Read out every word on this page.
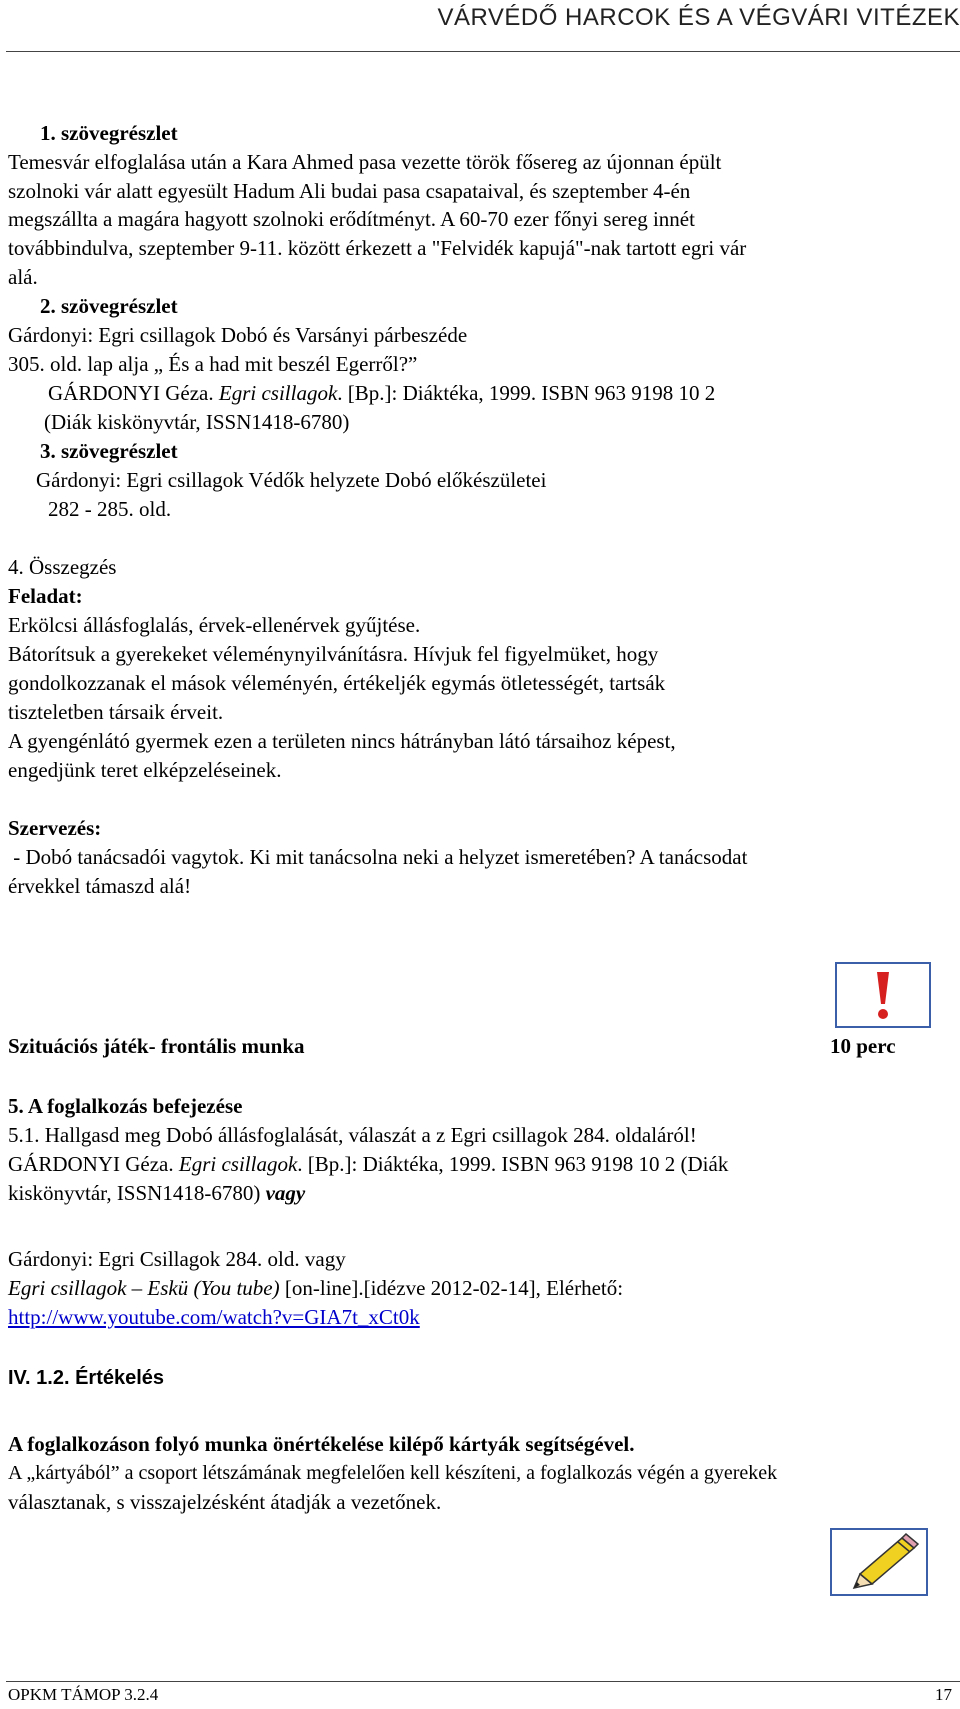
VÁRVÉDŐ HARCOK ÉS A VÉGVÁRI VITÉZEK
1. szövegrészlet
Temesvár elfoglalása után a Kara Ahmed pasa vezette török fősereg az újonnan épült
szolnoki vár alatt egyesült Hadum Ali budai pasa csapataival, és szeptember 4-én
megszállta a magára hagyott szolnoki erődítményt. A 60-70 ezer főnyi sereg innét
továbbindulva, szeptember 9-11. között érkezett a "Felvidék kapujá"-nak tartott egri vár
alá.
2. szövegrészlet
Gárdonyi: Egri csillagok Dobó és Varsányi párbeszéde
305. old. lap alja „ És a had mit beszél Egerről?”
GÁRDONYI Géza. Egri csillagok. [Bp.]: Diáktéka, 1999. ISBN 963 9198 10 2
(Diák kiskönyvtár, ISSN1418-6780)
3. szövegrészlet
Gárdonyi: Egri csillagok Védők helyzete Dobó előkészületei
282 - 285. old.
4. Összegzés
Feladat:
Erkölcsi állásfoglalás, érvek-ellenérvek gyűjtése.
Bátorítsuk a gyerekeket véleménynyilvánításra. Hívjuk fel figyelmüket, hogy
gondolkozzanak el mások véleményén, értékeljék egymás ötletességét, tartsák
tiszteletben társaik érveit.
A gyengénlátó gyermek ezen a területen nincs hátrányban látó társaihoz képest,
engedjünk teret elképzeléseinek.
Szervezés:
- Dobó tanácsadói vagytok. Ki mit tanácsolna neki a helyzet ismeretében? A tanácsodat
érvekkel támaszd alá!
Szituációs játék- frontális munka	10 perc
5. A foglalkozás befejezése
5.1. Hallgasd meg Dobó állásfoglalását, válaszát a z Egri csillagok 284. oldaláról!
GÁRDONYI Géza. Egri csillagok. [Bp.]: Diáktéka, 1999. ISBN 963 9198 10 2 (Diák
kiskönyvtár, ISSN1418-6780) vagy
Gárdonyi: Egri Csillagok 284. old. vagy
Egri csillagok – Eskü (You tube) [on-line].[idézve 2012-02-14], Elérhető:
http://www.youtube.com/watch?v=GIA7t_xCt0k
IV. 1.2. Értékelés
A foglalkozáson folyó munka önértékelése kilépő kártyák segítségével.
A „kártyából” a csoport létszámának megfelelően kell készíteni, a foglalkozás végén a gyerekek
választanak, s visszajelzésként átadják a vezetőnek.
OPKM TÁMOP 3.2.4	17
